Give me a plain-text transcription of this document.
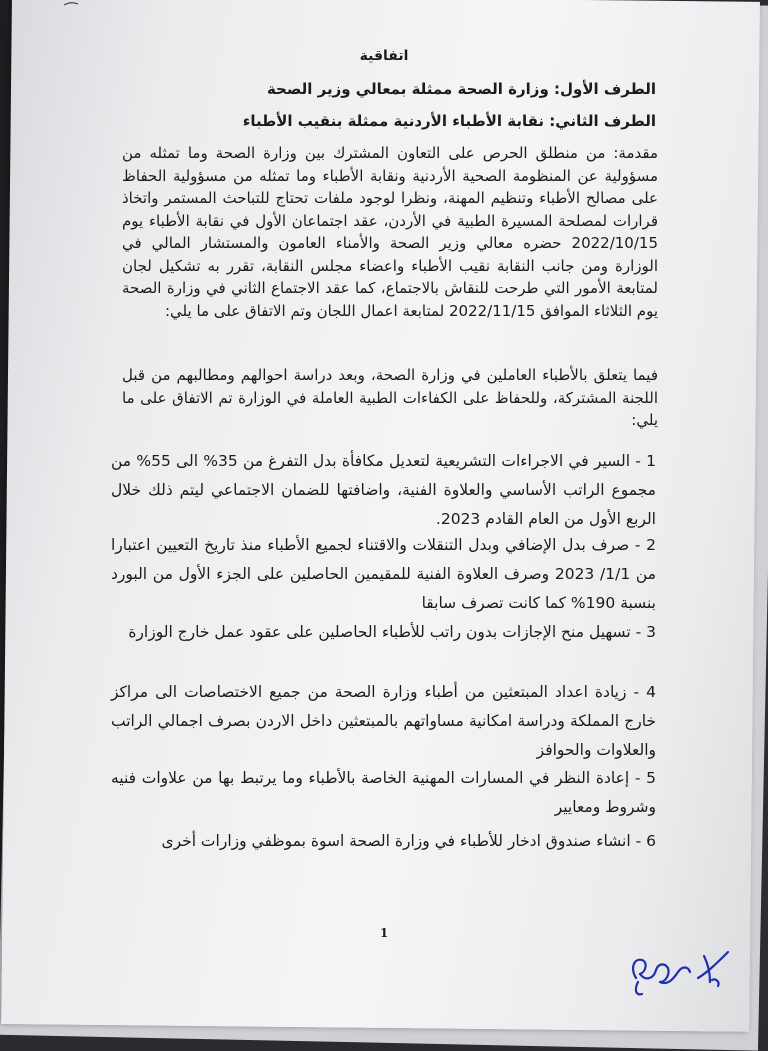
اتفاقية
الطرف الأول: وزارة الصحة ممثلة بمعالي وزير الصحة
الطرف الثاني: نقابة الأطباء الأردنية ممثلة بنقيب الأطباء
مقدمة: من منطلق الحرص على التعاون المشترك بين وزارة الصحة وما تمثله من مسؤولية عن المنظومة الصحية الأردنية ونقابة الأطباء وما تمثله من مسؤولية الحفاظ على مصالح الأطباء وتنظيم المهنة، ونظرا لوجود ملفات تحتاج للتباحث المستمر واتخاذ قرارات لمصلحة المسيرة الطبية في الأردن، عقد اجتماعان الأول في نقابة الأطباء يوم 2022/10/15 حضره معالي وزير الصحة والأمناء العامون والمستشار المالي في الوزارة ومن جانب النقابة نقيب الأطباء واعضاء مجلس النقابة، تقرر به تشكيل لجان لمتابعة الأمور التي طرحت للنقاش بالاجتماع، كما عقد الاجتماع الثاني في وزارة الصحة يوم الثلاثاء الموافق 2022/11/15 لمتابعة اعمال اللجان وتم الاتفاق على ما يلي:
فيما يتعلق بالأطباء العاملين في وزارة الصحة، وبعد دراسة احوالهم ومطالبهم من قبل اللجنة المشتركة، وللحفاظ على الكفاءات الطبية العاملة في الوزارة تم الاتفاق على ما يلي:
1 - السير في الاجراءات التشريعية لتعديل مكافأة بدل التفرغ من 35% الى 55% من مجموع الراتب الأساسي والعلاوة الفنية، واضافتها للضمان الاجتماعي ليتم ذلك خلال الربع الأول من العام القادم 2023.
2 - صرف بدل الإضافي وبدل التنقلات والاقتناء لجميع الأطباء منذ تاريخ التعيين اعتبارا من 1/1/ 2023 وصرف العلاوة الفنية للمقيمين الحاصلين على الجزء الأول من البورد بنسبة 190% كما كانت تصرف سابقا
3 - تسهيل منح الإجازات بدون راتب للأطباء الحاصلين على عقود عمل خارج الوزارة
4 - زيادة اعداد المبتعثين من أطباء وزارة الصحة من جميع الاختصاصات الى مراكز خارج المملكة ودراسة امكانية مساواتهم بالمبتعثين داخل الاردن بصرف اجمالي الراتب والعلاوات والحوافز
5 - إعادة النظر في المسارات المهنية الخاصة بالأطباء وما يرتبط بها من علاوات فنيه وشروط ومعايير
6 - انشاء صندوق ادخار للأطباء في وزارة الصحة اسوة بموظفي وزارات أخرى
1
